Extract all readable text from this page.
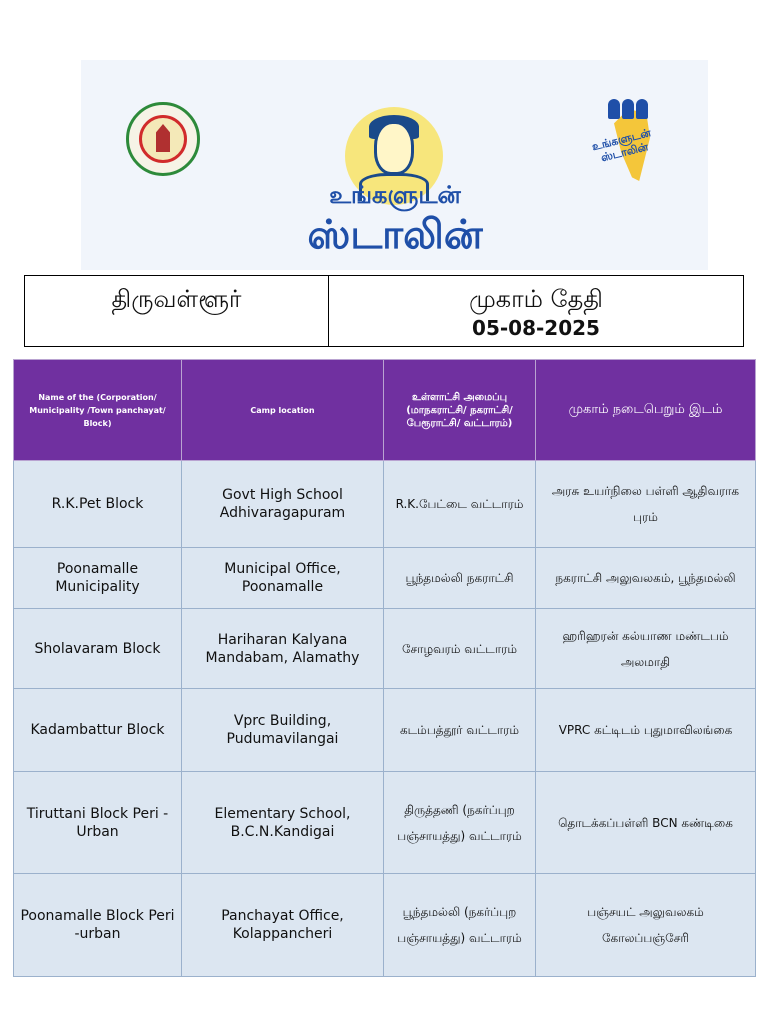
உங்களுடன்
ஸ்டாலின்
உங்களுடன் ஸ்டாலின்
திருவள்ளூர்	முகாம் தேதி
05-08-2025
Name of the (Corporation/ Municipality /Town panchayat/ Block)	Camp location	உள்ளாட்சி அமைப்பு (மாநகராட்சி/ நகராட்சி/ பேரூராட்சி/ வட்டாரம்)	முகாம் நடைபெறும் இடம்
R.K.Pet Block	Govt High School Adhivaragapuram	R.K.பேட்டை வட்டாரம்	அரசு உயர்நிலை பள்ளி ஆதிவராக புரம்
Poonamalle Municipality	Municipal Office, Poonamalle	பூந்தமல்லி நகராட்சி	நகராட்சி அலுவலகம், பூந்தமல்லி
Sholavaram Block	Hariharan Kalyana Mandabam, Alamathy	சோழவரம் வட்டாரம்	ஹரிஹரன் கல்யாண மண்டபம் அலமாதி
Kadambattur Block	Vprc Building, Pudumavilangai	கடம்பத்தூர் வட்டாரம்	VPRC கட்டிடம் புதுமாவிலங்கை
Tiruttani Block Peri -Urban	Elementary School, B.C.N.Kandigai	திருத்தணி (நகர்ப்புற பஞ்சாயத்து) வட்டாரம்	தொடக்கப்பள்ளி BCN கண்டிகை
Poonamalle Block Peri -urban	Panchayat Office, Kolappancheri	பூந்தமல்லி (நகர்ப்புற பஞ்சாயத்து) வட்டாரம்	பஞ்சயட் அலுவலகம் கோலப்பஞ்சேரி
